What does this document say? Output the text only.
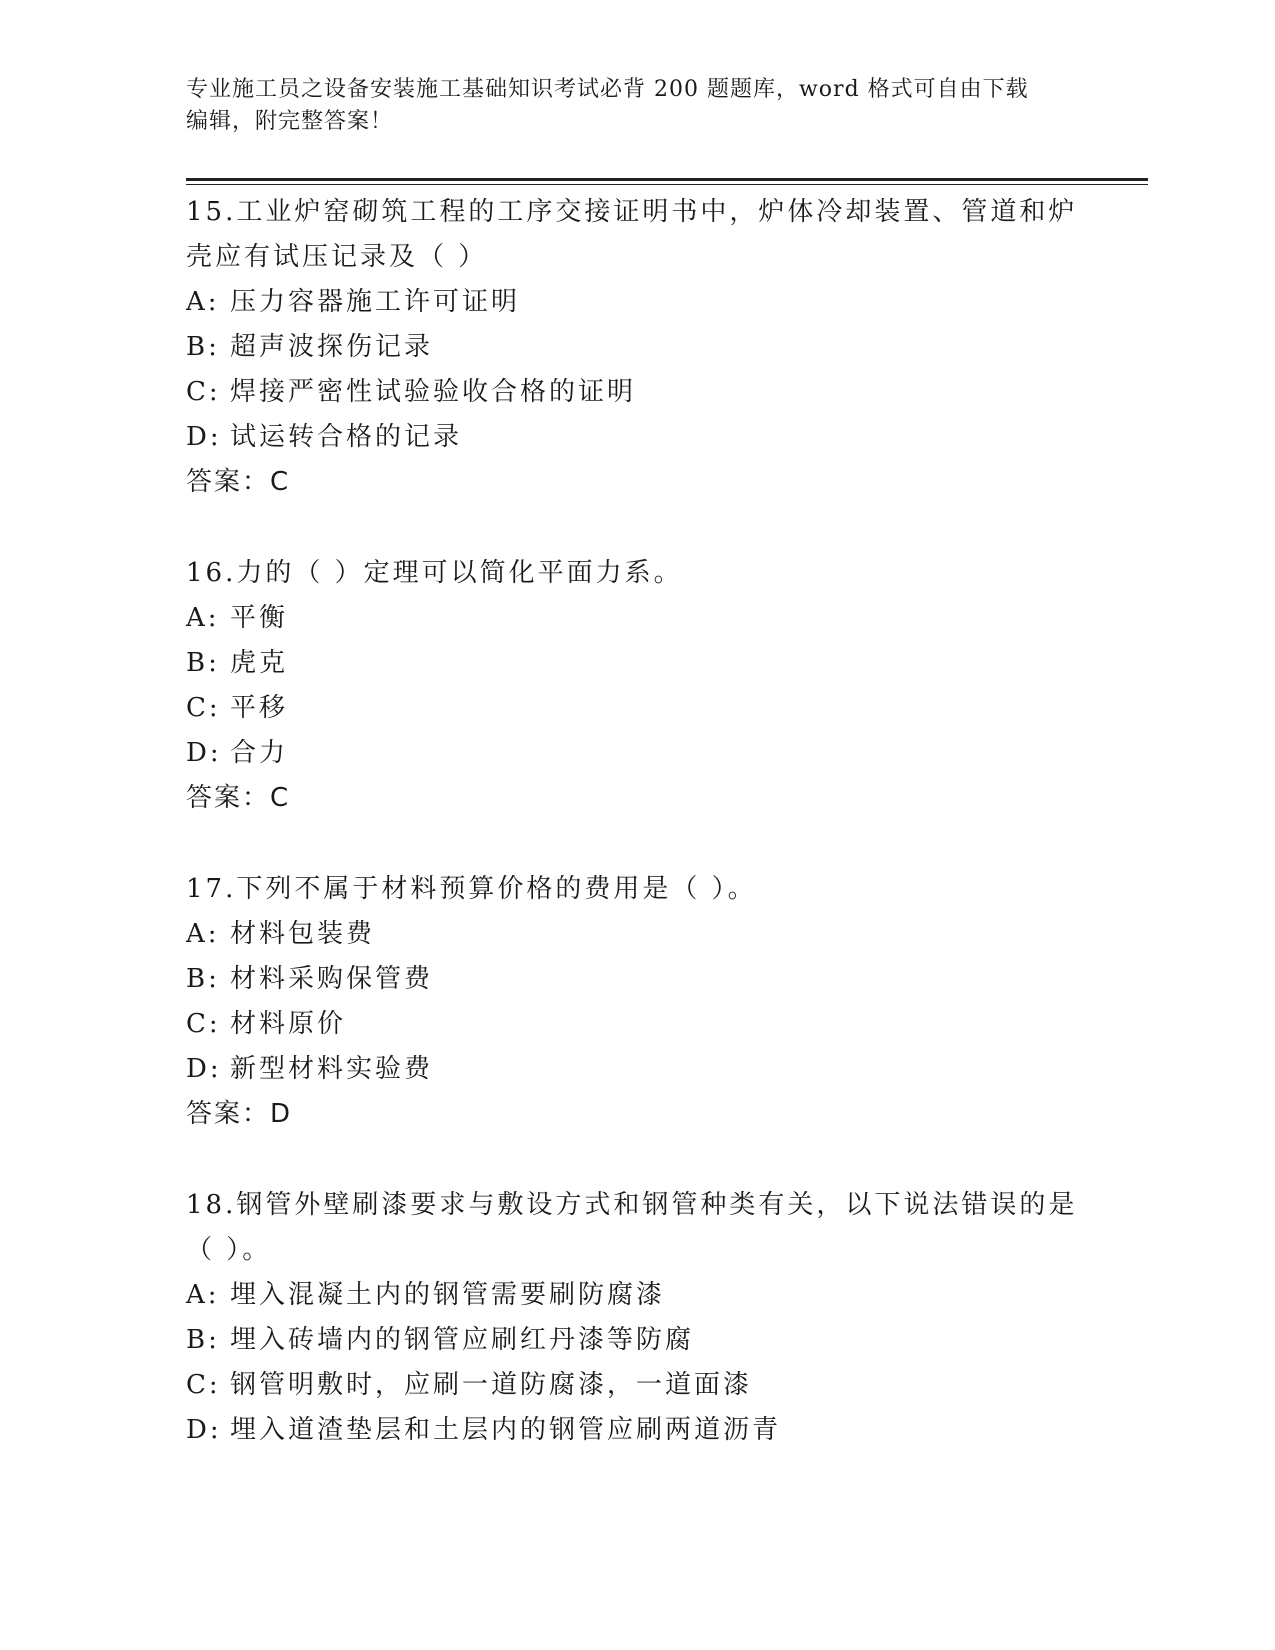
专业施工员之设备安装施工基础知识考试必背 200 题题库，word 格式可自由下载
编辑，附完整答案！
15.工业炉窑砌筑工程的工序交接证明书中，炉体冷却装置、管道和炉
壳应有试压记录及（ ）
A: 压力容器施工许可证明
B: 超声波探伤记录
C: 焊接严密性试验验收合格的证明
D: 试运转合格的记录
答案：C
16.力的（ ）定理可以简化平面力系。
A: 平衡
B: 虎克
C: 平移
D: 合力
答案：C
17.下列不属于材料预算价格的费用是（ ）。
A: 材料包装费
B: 材料采购保管费
C: 材料原价
D: 新型材料实验费
答案：D
18.钢管外壁刷漆要求与敷设方式和钢管种类有关，以下说法错误的是
（ ）。
A: 埋入混凝土内的钢管需要刷防腐漆
B: 埋入砖墙内的钢管应刷红丹漆等防腐
C: 钢管明敷时，应刷一道防腐漆，一道面漆
D: 埋入道渣垫层和土层内的钢管应刷两道沥青
